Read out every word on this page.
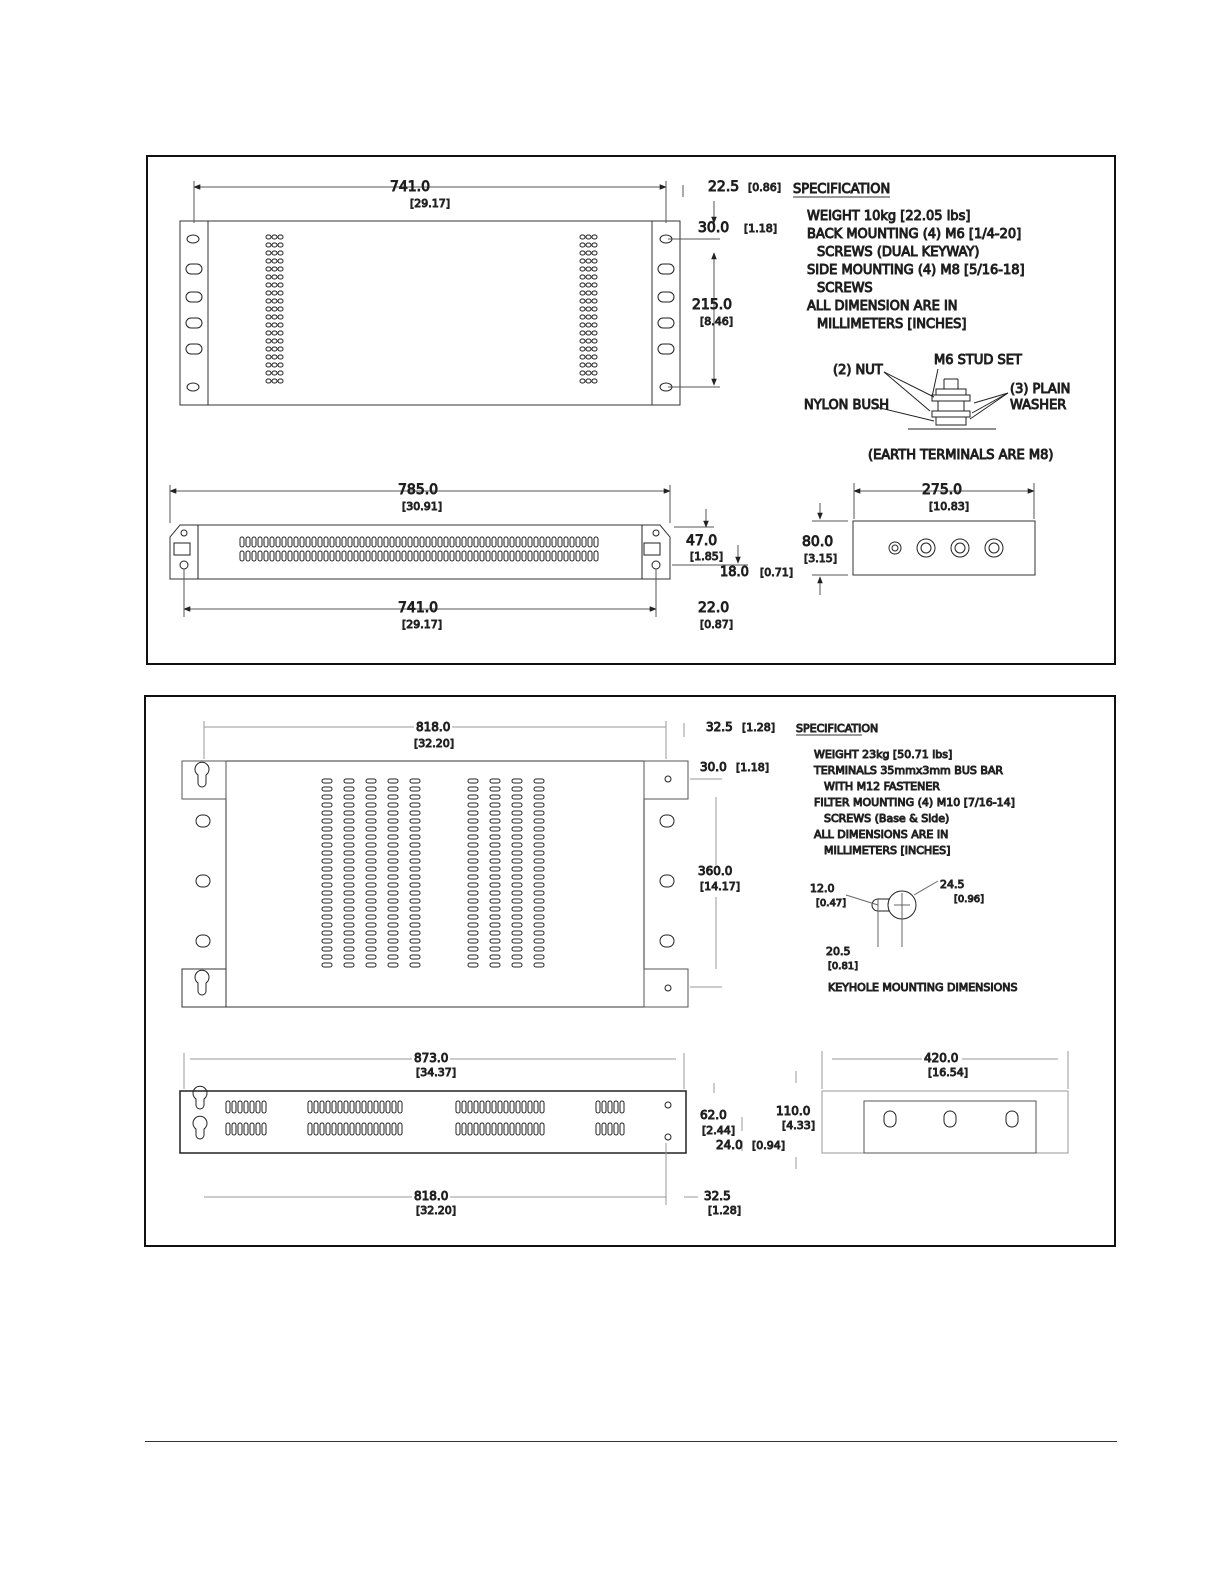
741.0
[29.17]
22.5 [0.86]
30.0 [1.18]
215.0
[8.46]
SPECIFICATION
WEIGHT 10kg [22.05 lbs]
BACK MOUNTING (4) M6 [1/4-20]
SCREWS (DUAL KEYWAY)
SIDE MOUNTING (4) M8 [5/16-18]
SCREWS
ALL DIMENSION ARE IN
MILLIMETERS [INCHES]
M6 STUD SET
(2) NUT
NYLON BUSH
(3) PLAIN
WASHER
(EARTH TERMINALS ARE M8)
785.0
[30.91]
741.0
[29.17]
22.0
[0.87]
47.0
[1.85]
18.0 [0.71]
275.0
[10.83]
80.0
[3.15]
818.0
[32.20]
32.5 [1.28]
30.0 [1.18]
360.0
[14.17]
SPECIFICATION
WEIGHT 23kg [50.71 lbs]
TERMINALS 35mmx3mm BUS BAR
WITH M12 FASTENER
FILTER MOUNTING (4) M10 [7/16-14]
SCREWS (Base & Side)
ALL DIMENSIONS ARE IN
MILLIMETERS [INCHES]
12.0
[0.47]
24.5
[0.96]
20.5
[0.81]
KEYHOLE MOUNTING DIMENSIONS
873.0
[34.37]
818.0
[32.20]
32.5
[1.28]
62.0
[2.44]
24.0 [0.94]
110.0
[4.33]
420.0
[16.54]
